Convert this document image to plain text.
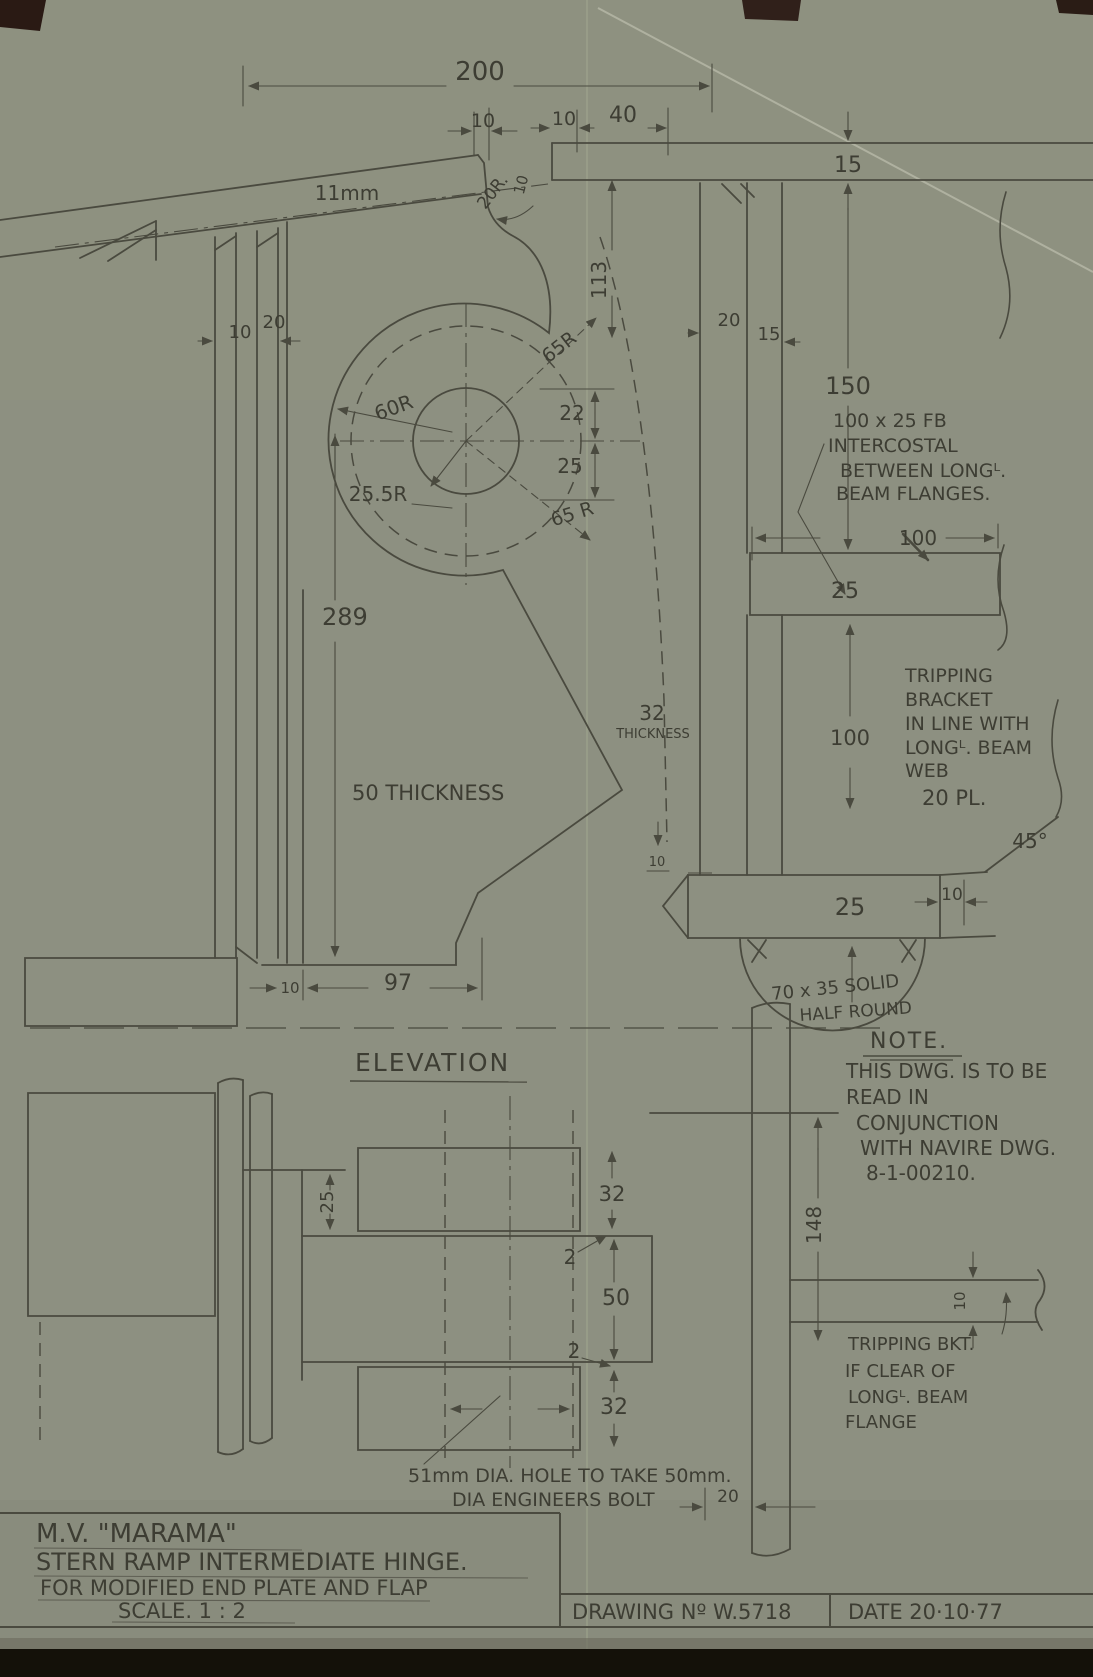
200
10	10 40
15
11mm	20R.
10
113
10 20	20
15
150
65R
22
25
60R
25.5R
65 R
289
100 x 25 FB
INTERCOSTAL
BETWEEN LONGᴸ.
BEAM FLANGES.
100
25
TRIPPING
BRACKET
IN LINE WITH
LONGᴸ. BEAM
WEB
20 PL.
100
45°
10
25	10
70 x 35 SOLID
HALF ROUND
10	97
32
THICKNESS
50 THICKNESS
ELEVATION
NOTE.
THIS DWG. IS TO BE
READ IN
CONJUNCTION
WITH NAVIRE DWG.
8-1-00210.
25	32
2
50
2
32
148
10
TRIPPING BKT.
IF CLEAR OF
LONGᴸ. BEAM
FLANGE
51mm DIA. HOLE TO TAKE 50mm.
DIA ENGINEERS BOLT	20
M.V. "MARAMA"
STERN RAMP INTERMEDIATE HINGE.
FOR MODIFIED END PLATE AND FLAP
SCALE. 1 : 2	DRAWING Nº W.5718	DATE 20·10·77
